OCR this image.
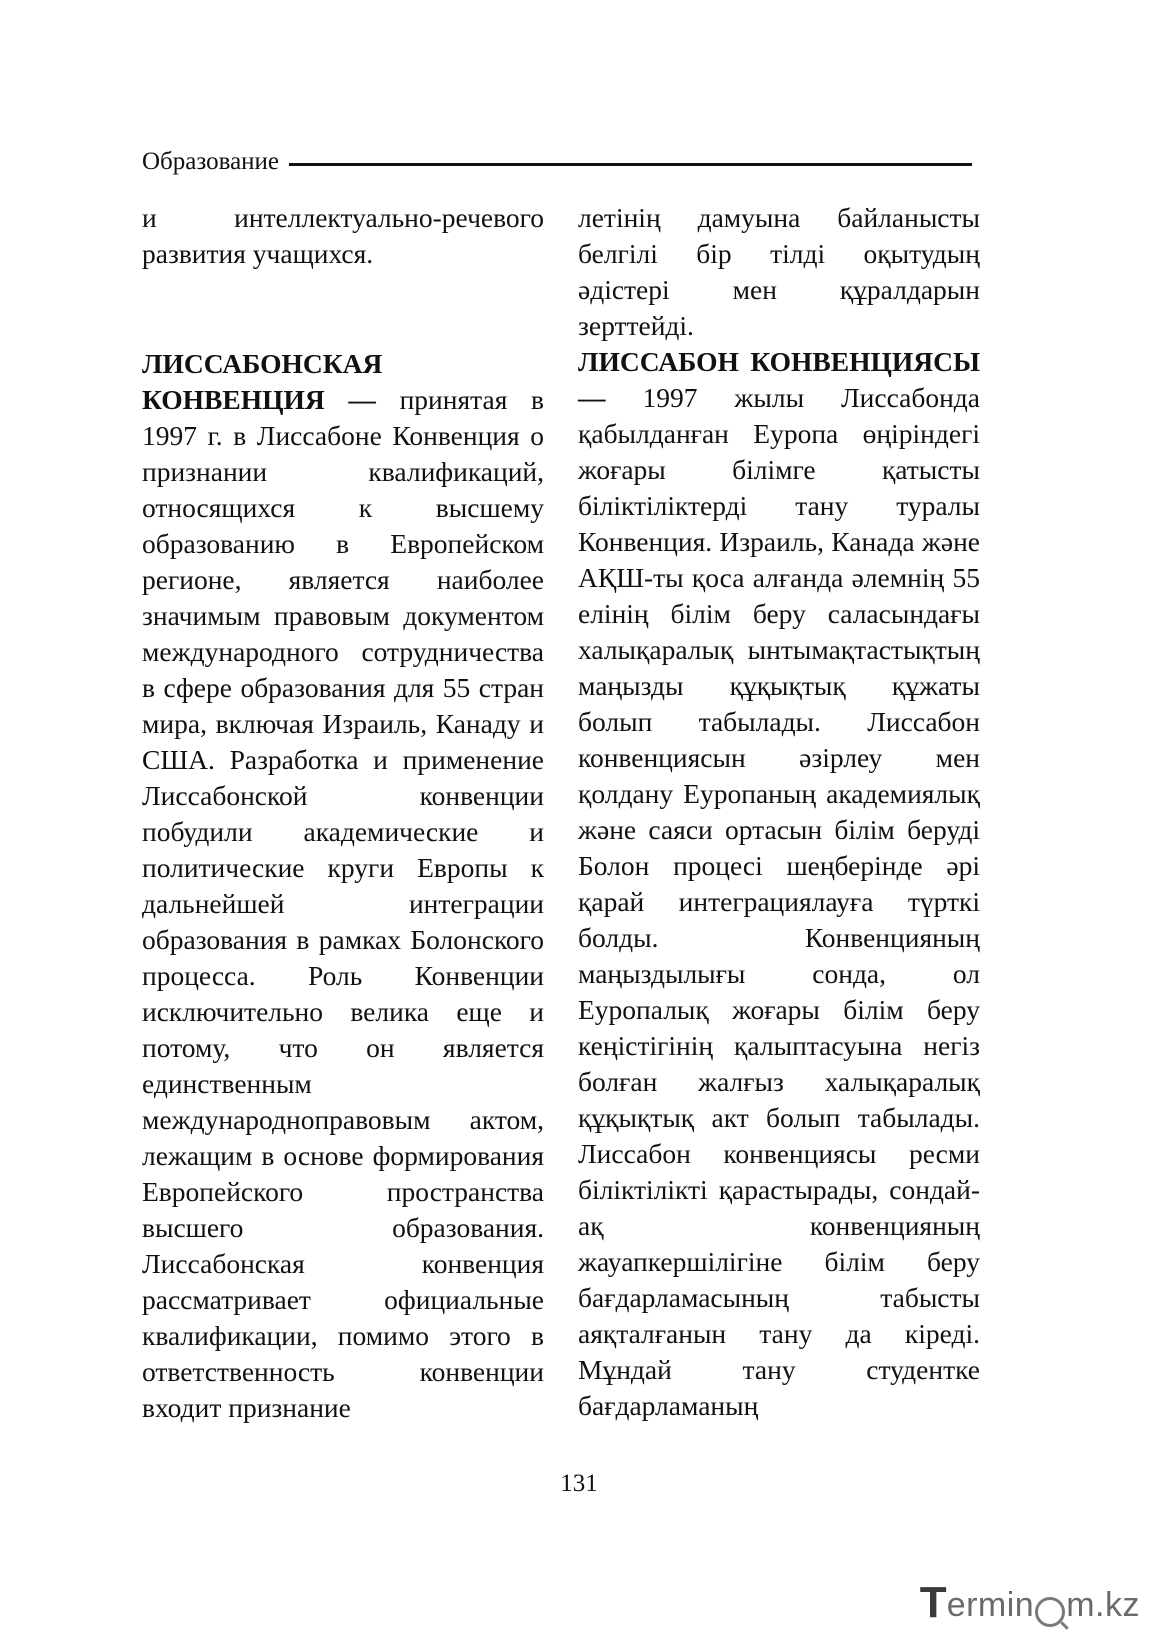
Образование

и интеллектуально-речевого развития учащихся.

ЛИССАБОНСКАЯ КОНВЕНЦИЯ — принятая в 1997 г. в Лиссабоне Конвенция о признании квалификаций, относящихся к высшему образованию в Европейском регионе, является наиболее значимым правовым документом международного сотрудничества в сфере образования для 55 стран мира, включая Израиль, Канаду и США. Разработка и применение Лиссабонской конвенции побудили академические и политические круги Европы к дальнейшей интеграции образования в рамках Болонского процесса. Роль Конвенции исключительно велика еще и потому, что он является единственным международноправовым актом, лежащим в основе формирования Европейского пространства высшего образования. Лиссабонская конвенция рассматривает официальные квалификации, помимо этого в ответственность конвенции входит признание

летінің дамуына байланысты белгілі бір тілді оқытудың әдістері мен құралдарын зерттейді.

ЛИССАБОН КОНВЕНЦИЯСЫ — 1997 жылы Лиссабонда қабылданған Еуропа өңіріндегі жоғары білімге қатысты біліктіліктерді тану туралы Конвенция. Израиль, Канада және АҚШ-ты қоса алғанда әлемнің 55 елінің білім беру саласындағы халықаралық ынтымақтастықтың маңызды құқықтық құжаты болып табылады. Лиссабон конвенциясын әзірлеу мен қолдану Еуропаның академиялық және саяси ортасын білім беруді Болон процесі шеңберінде әрі қарай интеграциялауға түрткі болды. Конвенцияның маңыздылығы сонда, ол Еуропалық жоғары білім беру кеңістігінің қалыптасуына негіз болған жалғыз халықаралық құқықтық акт болып табылады. Лиссабон конвенциясы ресми біліктілікті қарастырады, сондай-ақ конвенцияның жауапкершілігіне білім беру бағдарламасының табысты аяқталғанын тану да кіреді. Мұндай тану студентке бағдарламаның

131
T ermin m.kz
